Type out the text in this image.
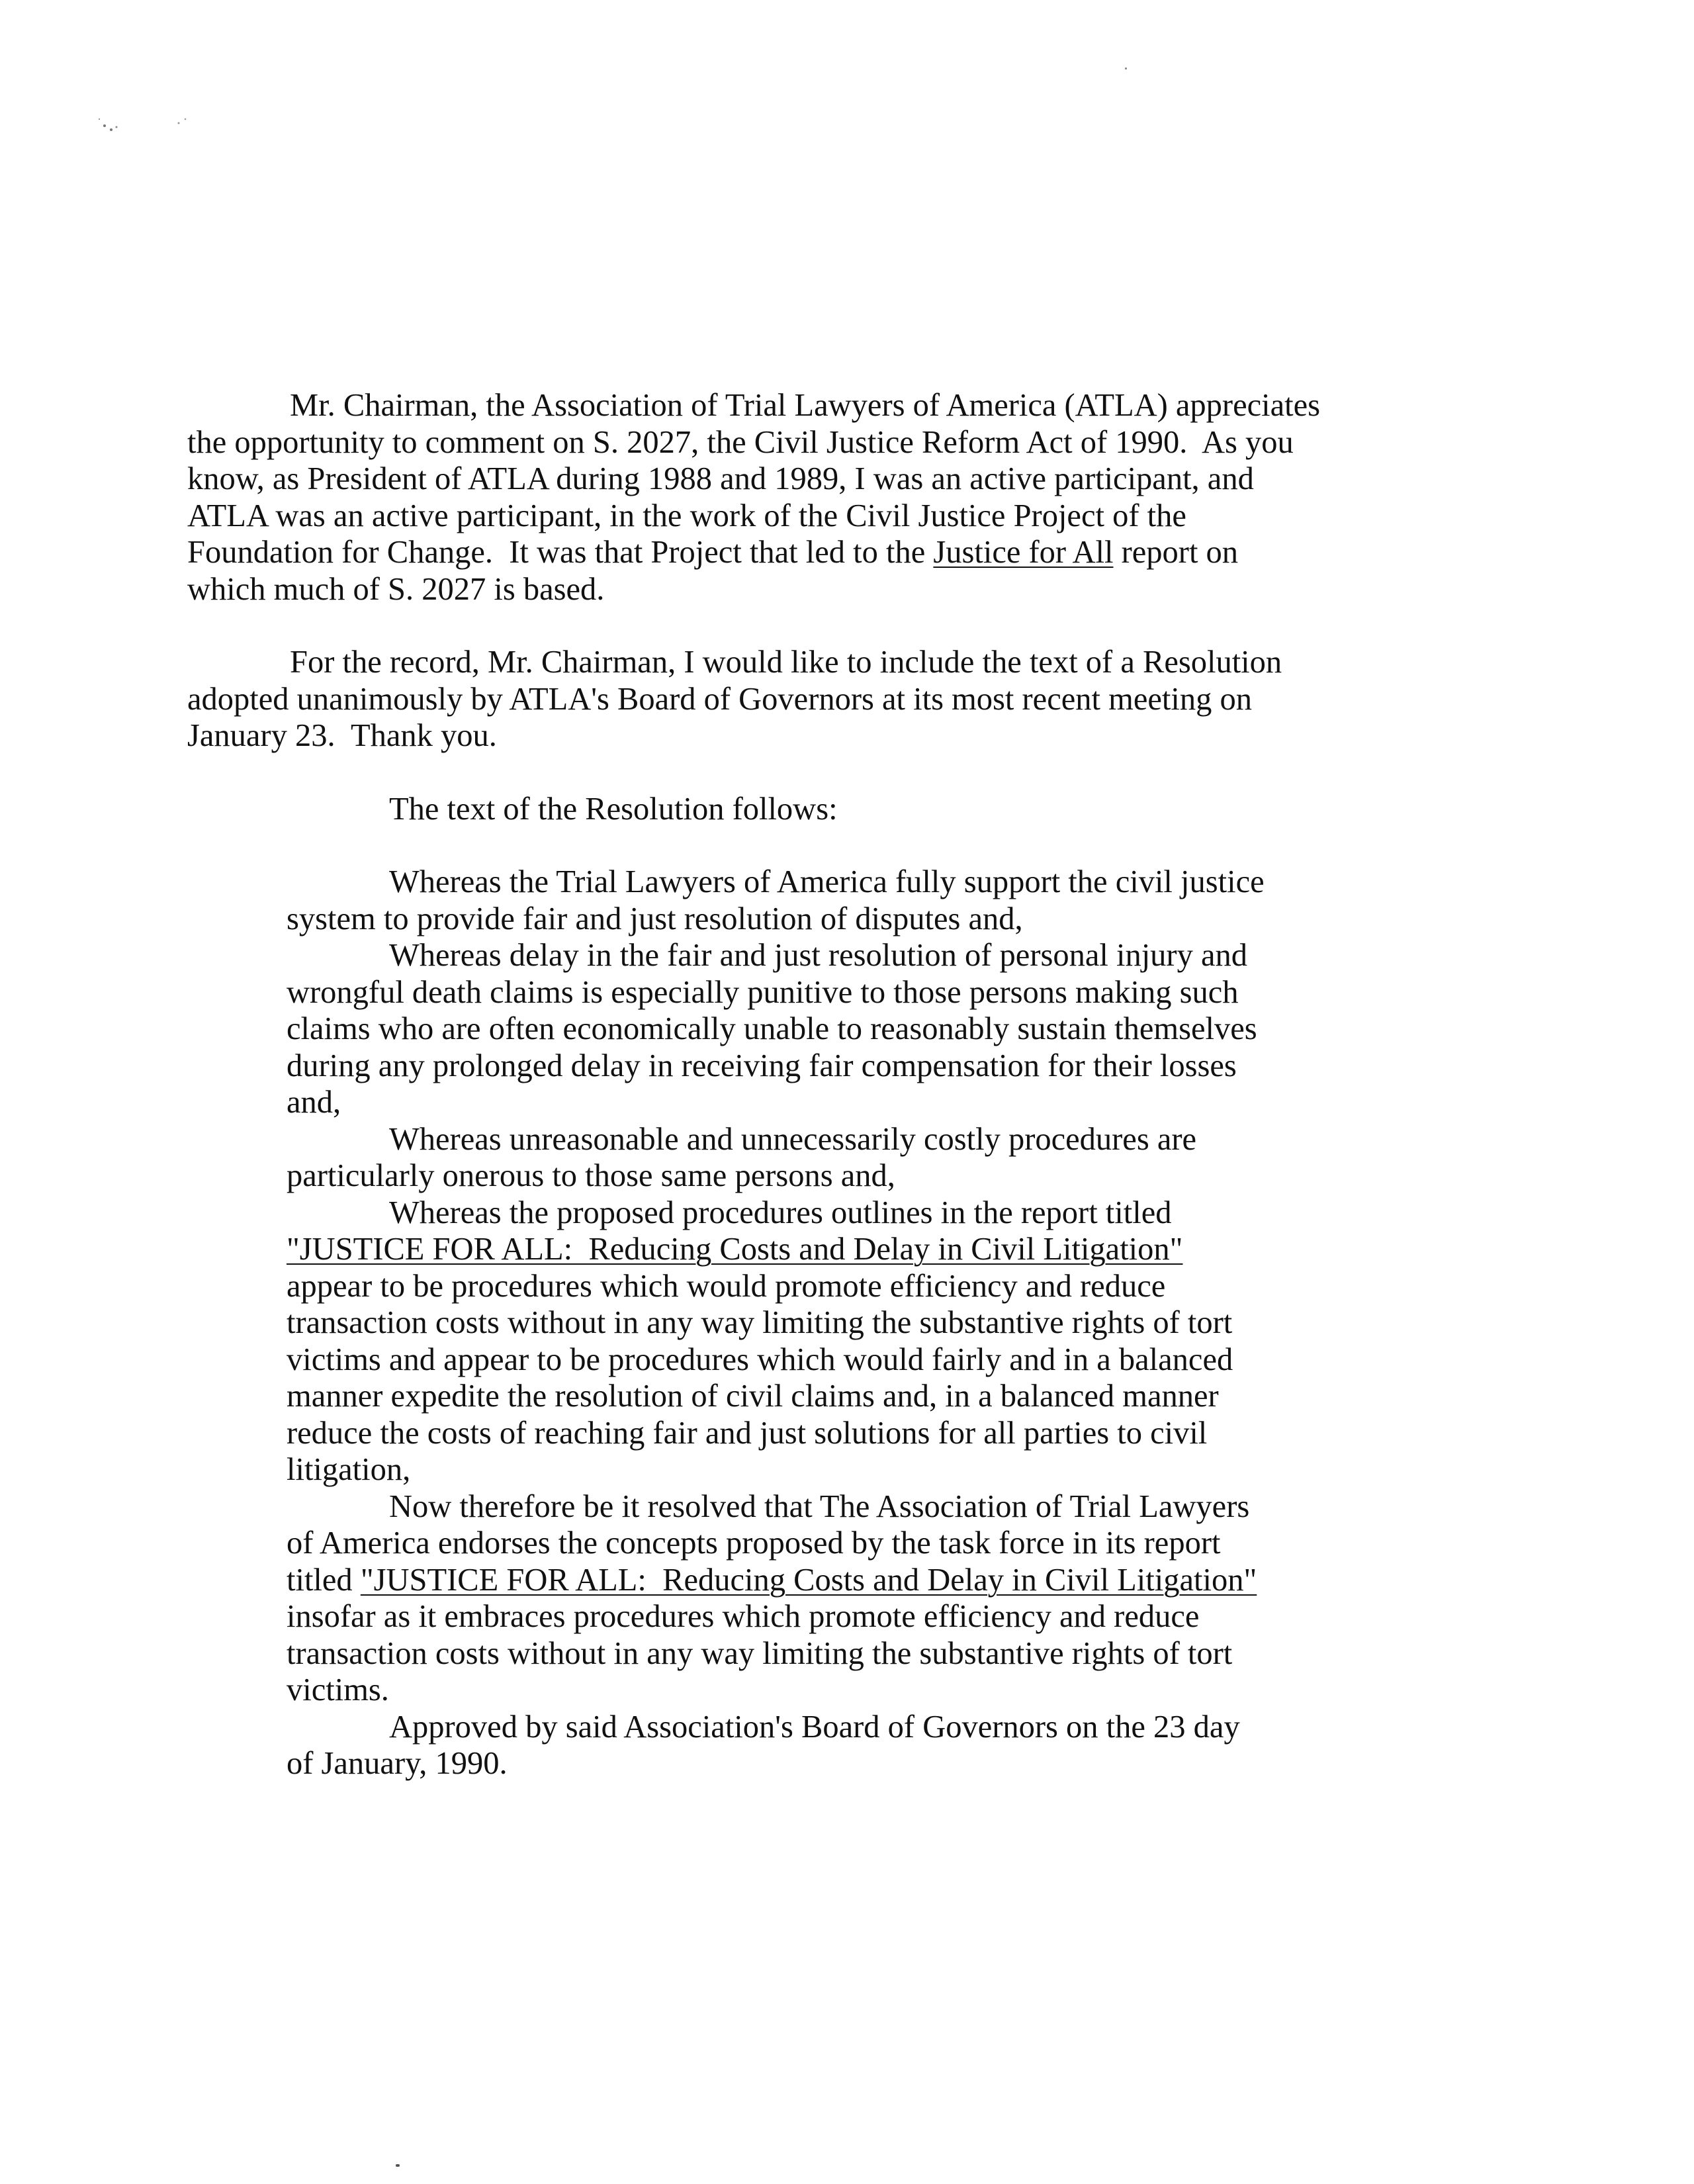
Mr. Chairman, the Association of Trial Lawyers of America (ATLA) appreciates
the opportunity to comment on S. 2027, the Civil Justice Reform Act of 1990.  As you
know, as President of ATLA during 1988 and 1989, I was an active participant, and
ATLA was an active participant, in the work of the Civil Justice Project of the
Foundation for Change.  It was that Project that led to the Justice for All report on
which much of S. 2027 is based.
For the record, Mr. Chairman, I would like to include the text of a Resolution
adopted unanimously by ATLA's Board of Governors at its most recent meeting on
January 23.  Thank you.
The text of the Resolution follows:
Whereas the Trial Lawyers of America fully support the civil justice
system to provide fair and just resolution of disputes and,
Whereas delay in the fair and just resolution of personal injury and
wrongful death claims is especially punitive to those persons making such
claims who are often economically unable to reasonably sustain themselves
during any prolonged delay in receiving fair compensation for their losses
and,
Whereas unreasonable and unnecessarily costly procedures are
particularly onerous to those same persons and,
Whereas the proposed procedures outlines in the report titled
"JUSTICE FOR ALL:  Reducing Costs and Delay in Civil Litigation"
appear to be procedures which would promote efficiency and reduce
transaction costs without in any way limiting the substantive rights of tort
victims and appear to be procedures which would fairly and in a balanced
manner expedite the resolution of civil claims and, in a balanced manner
reduce the costs of reaching fair and just solutions for all parties to civil
litigation,
Now therefore be it resolved that The Association of Trial Lawyers
of America endorses the concepts proposed by the task force in its report
titled "JUSTICE FOR ALL:  Reducing Costs and Delay in Civil Litigation"
insofar as it embraces procedures which promote efficiency and reduce
transaction costs without in any way limiting the substantive rights of tort
victims.
Approved by said Association's Board of Governors on the 23 day
of January, 1990.
